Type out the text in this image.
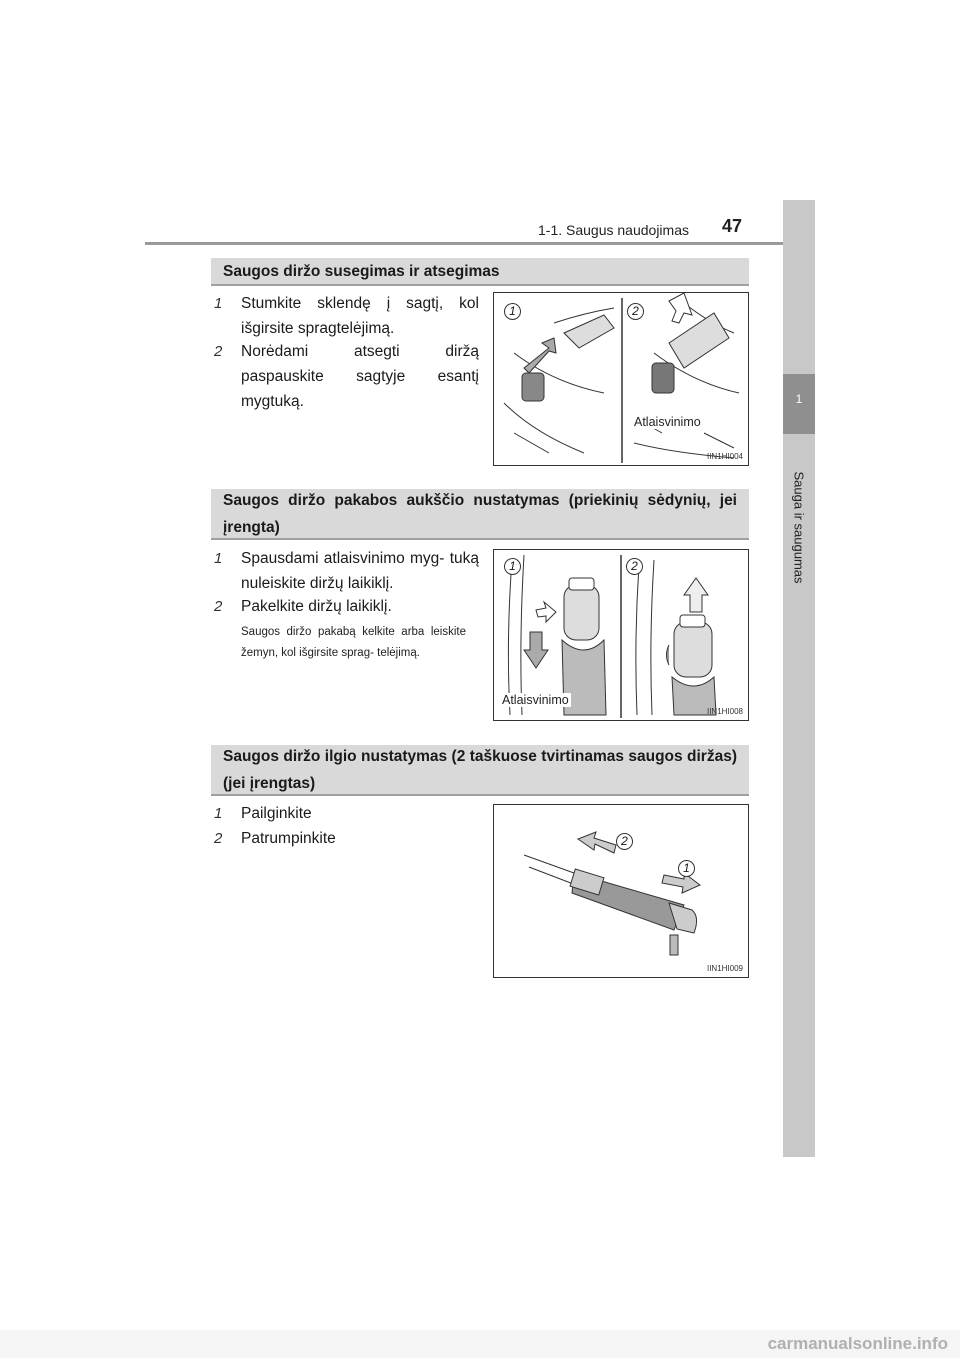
1-1. Saugus naudojimas 47
1
Sauga ir saugumas
Saugos diržo susegimas ir atsegimas
1 Stumkite sklendę į sagtį, kol išgirsite spragtelėjimą.
2 Norėdami atsegti diržą paspauskite sagtyje esantį mygtuką.
1	2
Atlaisvinimo
IIN1HI004
Saugos diržo pakabos aukščio nustatymas (priekinių sėdynių, jei įrengta)
1 Spausdami atlaisvinimo myg- tuką nuleiskite diržų laikiklį.
2 Pakelkite diržų laikiklį.
Saugos diržo pakabą kelkite arba leiskite žemyn, kol išgirsite sprag- telėjimą.
1	2
Atlaisvinimo
IIN1HI008
Saugos diržo ilgio nustatymas (2 taškuose tvirtinamas saugos diržas) (jei įrengtas)
1 Pailginkite
2 Patrumpinkite
1
2
IIN1HI009
carmanualsonline.info
